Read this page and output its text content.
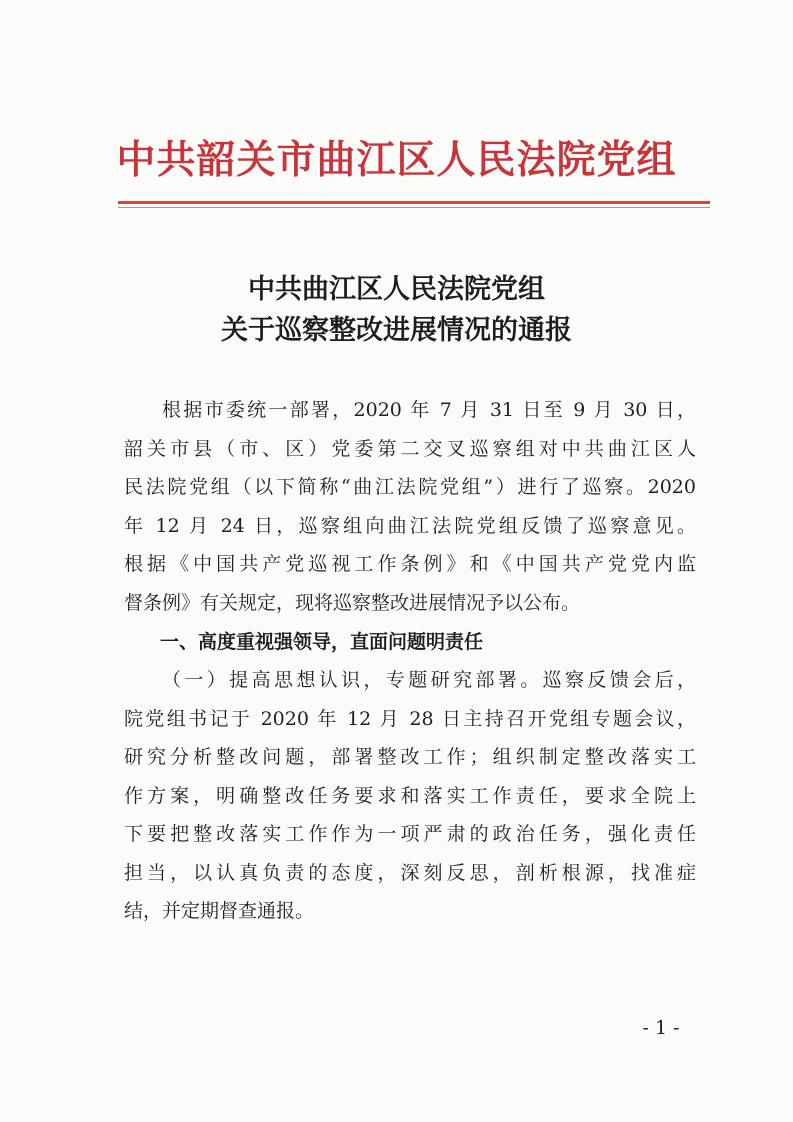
中共韶关市曲江区人民法院党组
中共曲江区人民法院党组
关于巡察整改进展情况的通报
根据市委统一部署，2020 年 7 月 31 日至 9 月 30 日，
韶关市县（市、区）党委第二交叉巡察组对中共曲江区人
民法院党组（以下简称“曲江法院党组”）进行了巡察。2020
年 12 月 24 日，巡察组向曲江法院党组反馈了巡察意见。
根据《中国共产党巡视工作条例》和《中国共产党党内监
督条例》有关规定，现将巡察整改进展情况予以公布。
一、高度重视强领导，直面问题明责任
（一）提高思想认识，专题研究部署。巡察反馈会后，
院党组书记于 2020 年 12 月 28 日主持召开党组专题会议，
研究分析整改问题，部署整改工作；组织制定整改落实工
作方案，明确整改任务要求和落实工作责任，要求全院上
下要把整改落实工作作为一项严肃的政治任务，强化责任
担当，以认真负责的态度，深刻反思，剖析根源，找准症
结，并定期督查通报。
- 1 -
